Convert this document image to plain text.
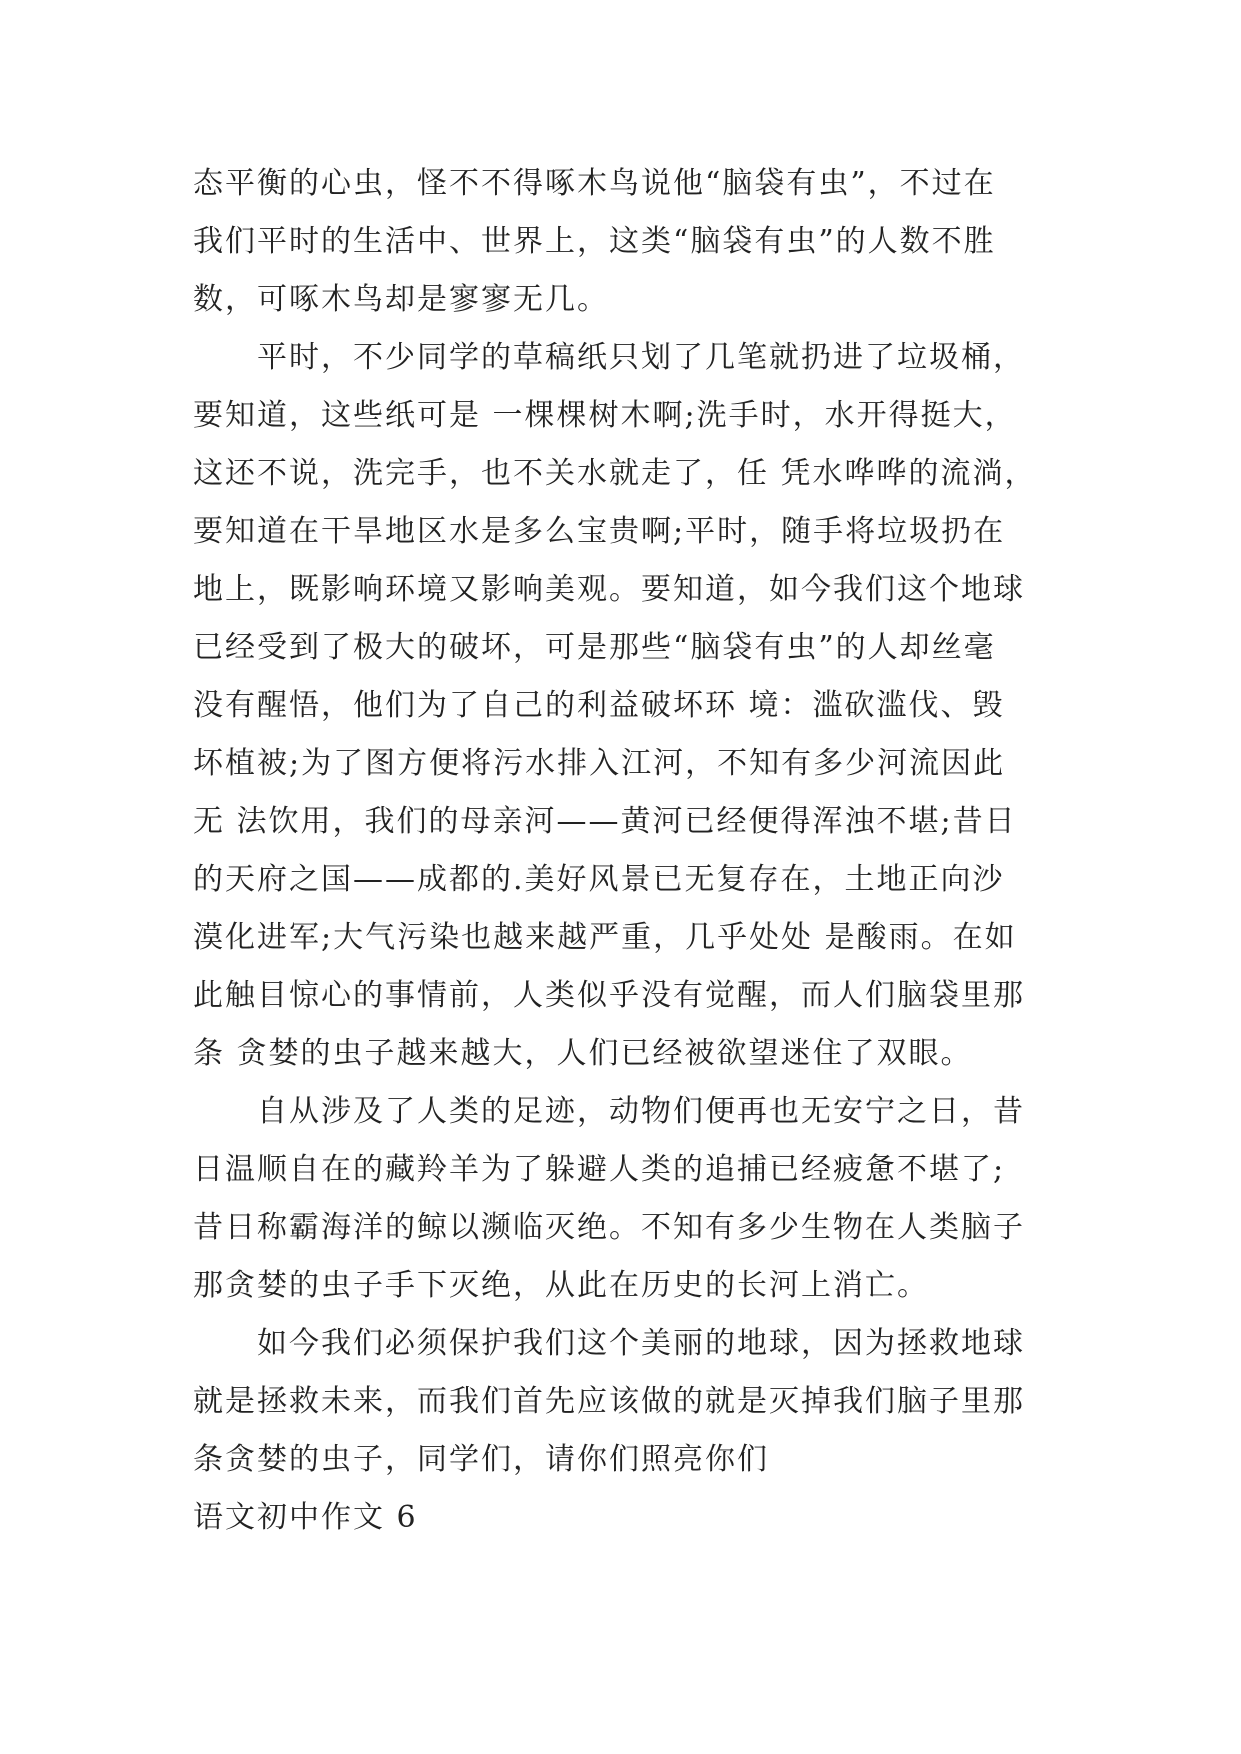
态平衡的心虫，怪不不得啄木鸟说他“脑袋有虫”，不过在
我们平时的生活中、世界上，这类“脑袋有虫”的人数不胜
数，可啄木鸟却是寥寥无几。
平时，不少同学的草稿纸只划了几笔就扔进了垃圾桶，
要知道，这些纸可是 一棵棵树木啊;洗手时，水开得挺大，
这还不说，洗完手，也不关水就走了，任 凭水哗哗的流淌，
要知道在干旱地区水是多么宝贵啊;平时，随手将垃圾扔在
地上，既影响环境又影响美观。要知道，如今我们这个地球
已经受到了极大的破坏，可是那些“脑袋有虫”的人却丝毫
没有醒悟，他们为了自己的利益破坏环 境：滥砍滥伐、毁
坏植被;为了图方便将污水排入江河，不知有多少河流因此
无 法饮用，我们的母亲河——黄河已经便得浑浊不堪;昔日
的天府之国——成都的.美好风景已无复存在，土地正向沙
漠化进军;大气污染也越来越严重，几乎处处 是酸雨。在如
此触目惊心的事情前，人类似乎没有觉醒，而人们脑袋里那
条 贪婪的虫子越来越大，人们已经被欲望迷住了双眼。
自从涉及了人类的足迹，动物们便再也无安宁之日，昔
日温顺自在的藏羚羊为了躲避人类的追捕已经疲惫不堪了;
昔日称霸海洋的鲸以濒临灭绝。不知有多少生物在人类脑子
那贪婪的虫子手下灭绝，从此在历史的长河上消亡。
如今我们必须保护我们这个美丽的地球，因为拯救地球
就是拯救未来，而我们首先应该做的就是灭掉我们脑子里那
条贪婪的虫子，同学们，请你们照亮你们
语文初中作文 6
